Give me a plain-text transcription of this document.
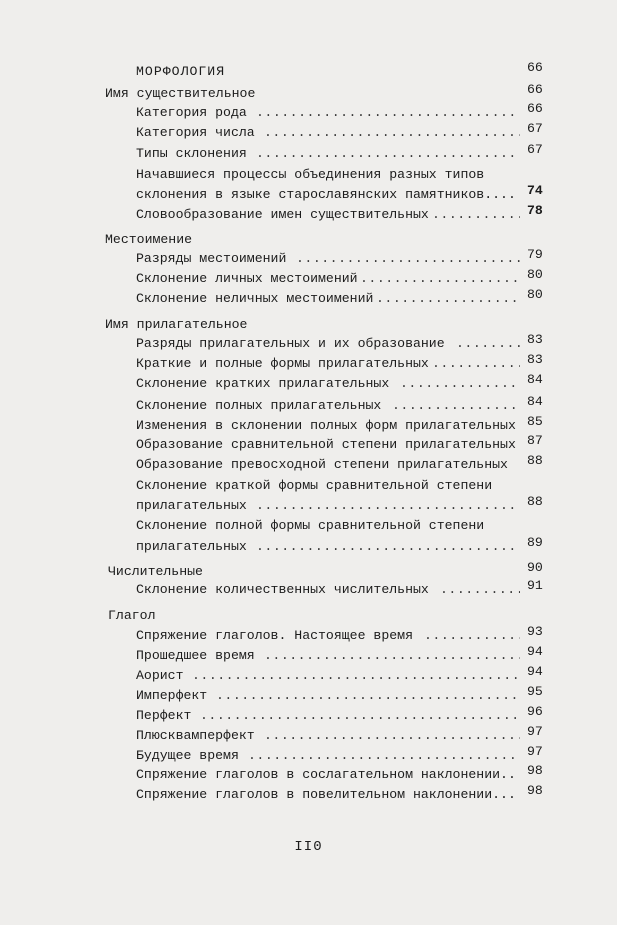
МОРФОЛОГИЯ	66
Имя существительное	66
Категория рода .....	66
Категория числа .....	67
Типы склонения .....	67
Начавшиеся процессы объединения разных типов
склонения в языке старославянских памятников.... 74
Словообразование имен существительных .....	78
Местоимение
Разряды местоимений .....	79
Склонение личных местоимений .....	80
Склонение неличных местоимений .....	80
Имя прилагательное
Разряды прилагательных и их образование .....	83
Краткие и полные формы прилагательных .....	83
Склонение кратких прилагательных .....	84
Склонение полных прилагательных .....	84
Изменения в склонении полных форм прилагательных 85
Образование сравнительной степени прилагательных 87
Образование превосходной степени прилагательных 88
Склонение краткой формы сравнительной степени
прилагательных .....	88
Склонение полной формы сравнительной степени
прилагательных .....	89
Числительные	90
Склонение количественных числительных .....	91
Глагол
Спряжение глаголов. Настоящее время .....	93
Прошедшее время .....	94
Аорист .....	94
Имперфект .....	95
Перфект .....	96
Плюсквамперфект .....	97
Будущее время .....	97
Спряжение глаголов в сослагательном наклонении.. 98
Спряжение глаголов в повелительном наклонении... 98
II0
